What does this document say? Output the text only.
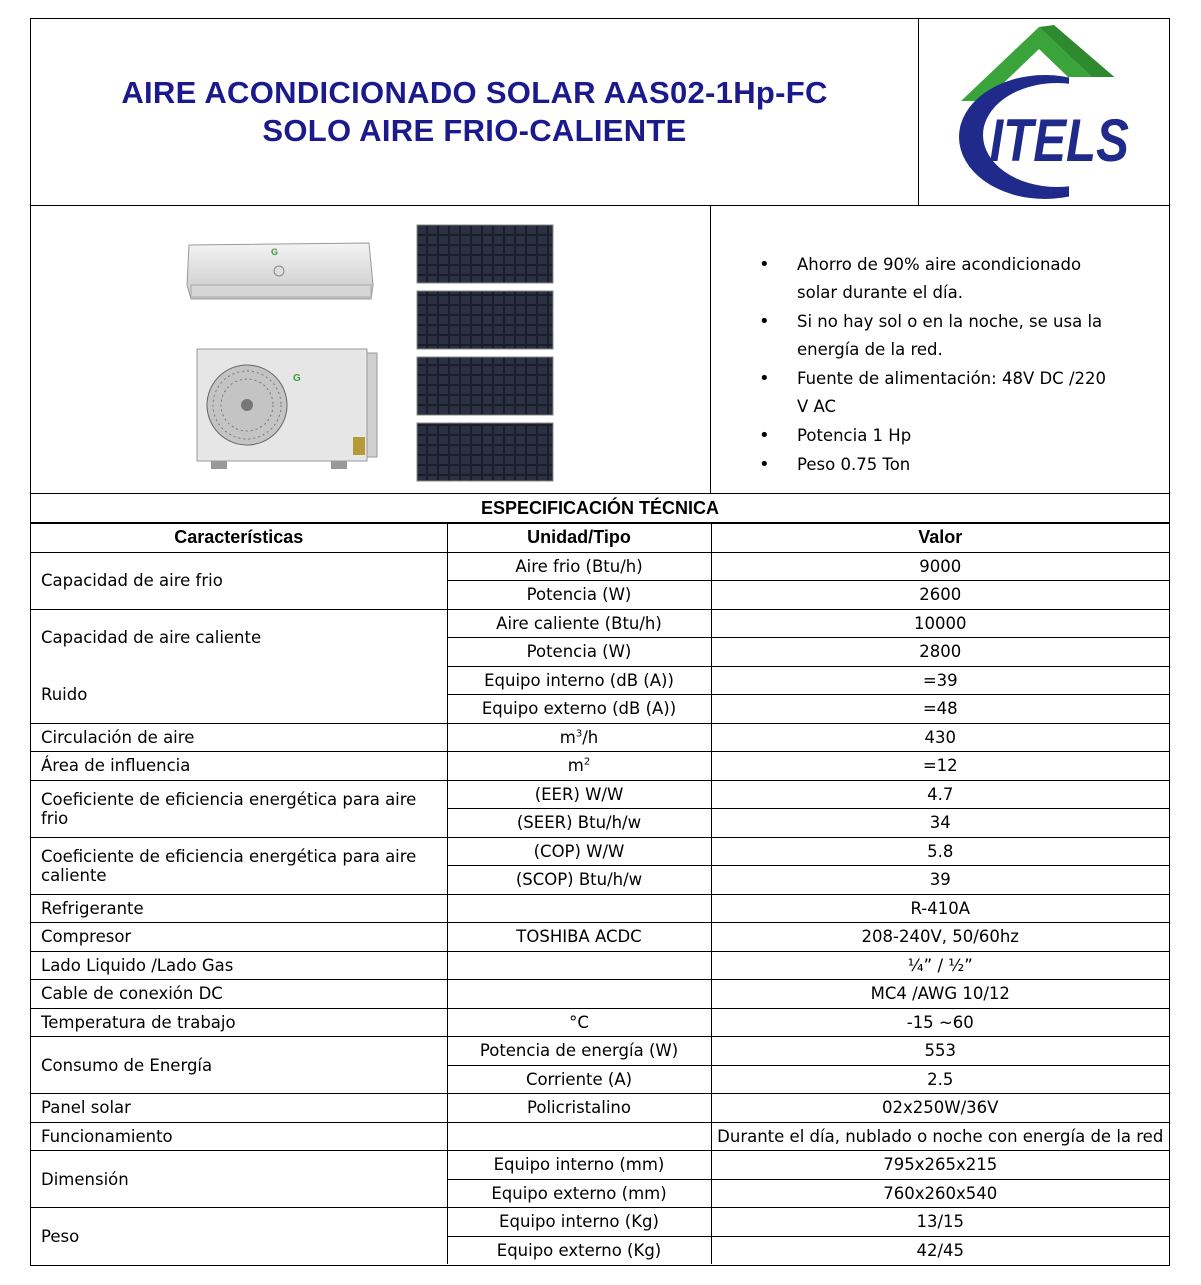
AIRE ACONDICIONADO SOLAR AAS02-1Hp-FC
SOLO AIRE FRIO-CALIENTE	ITELS
G
G
• Ahorro de 90% aire acondicionado solar durante el día.
• Si no hay sol o en la noche, se usa la energía de la red.
• Fuente de alimentación: 48V DC /220 V AC
• Potencia 1 Hp
• Peso 0.75 Ton
ESPECIFICACIÓN TÉCNICA
Características	Unidad/Tipo	Valor
Capacidad de aire frio	Aire frio (Btu/h)	9000
	Potencia (W)	2600
Capacidad de aire caliente	Aire caliente (Btu/h)	10000
	Potencia (W)	2800
Ruido	Equipo interno (dB (A))	=39
	Equipo externo (dB (A))	=48
Circulación de aire	$m^3/h$	430
Área de influencia	$m^2$	=12
Coeficiente de eficiencia energética para aire frio	(EER) W/W	4.7
	(SEER) Btu/h/w	34
Coeficiente de eficiencia energética para aire caliente	(COP) W/W	5.8
	(SCOP) Btu/h/w	39
Refrigerante		R-410A
Compresor	TOSHIBA ACDC	208-240V, 50/60hz
Lado Liquido /Lado Gas		¼” / ½”
Cable de conexión DC		MC4 /AWG 10/12
Temperatura de trabajo	°C	-15 ~60
Consumo de Energía	Potencia de energía (W)	553
	Corriente (A)	2.5
Panel solar	Policristalino	02x250W/36V
Funcionamiento		Durante el día, nublado o noche con energía de la red
Dimensión	Equipo interno (mm)	795x265x215
	Equipo externo (mm)	760x260x540
Peso	Equipo interno (Kg)	13/15
	Equipo externo (Kg)	42/45
